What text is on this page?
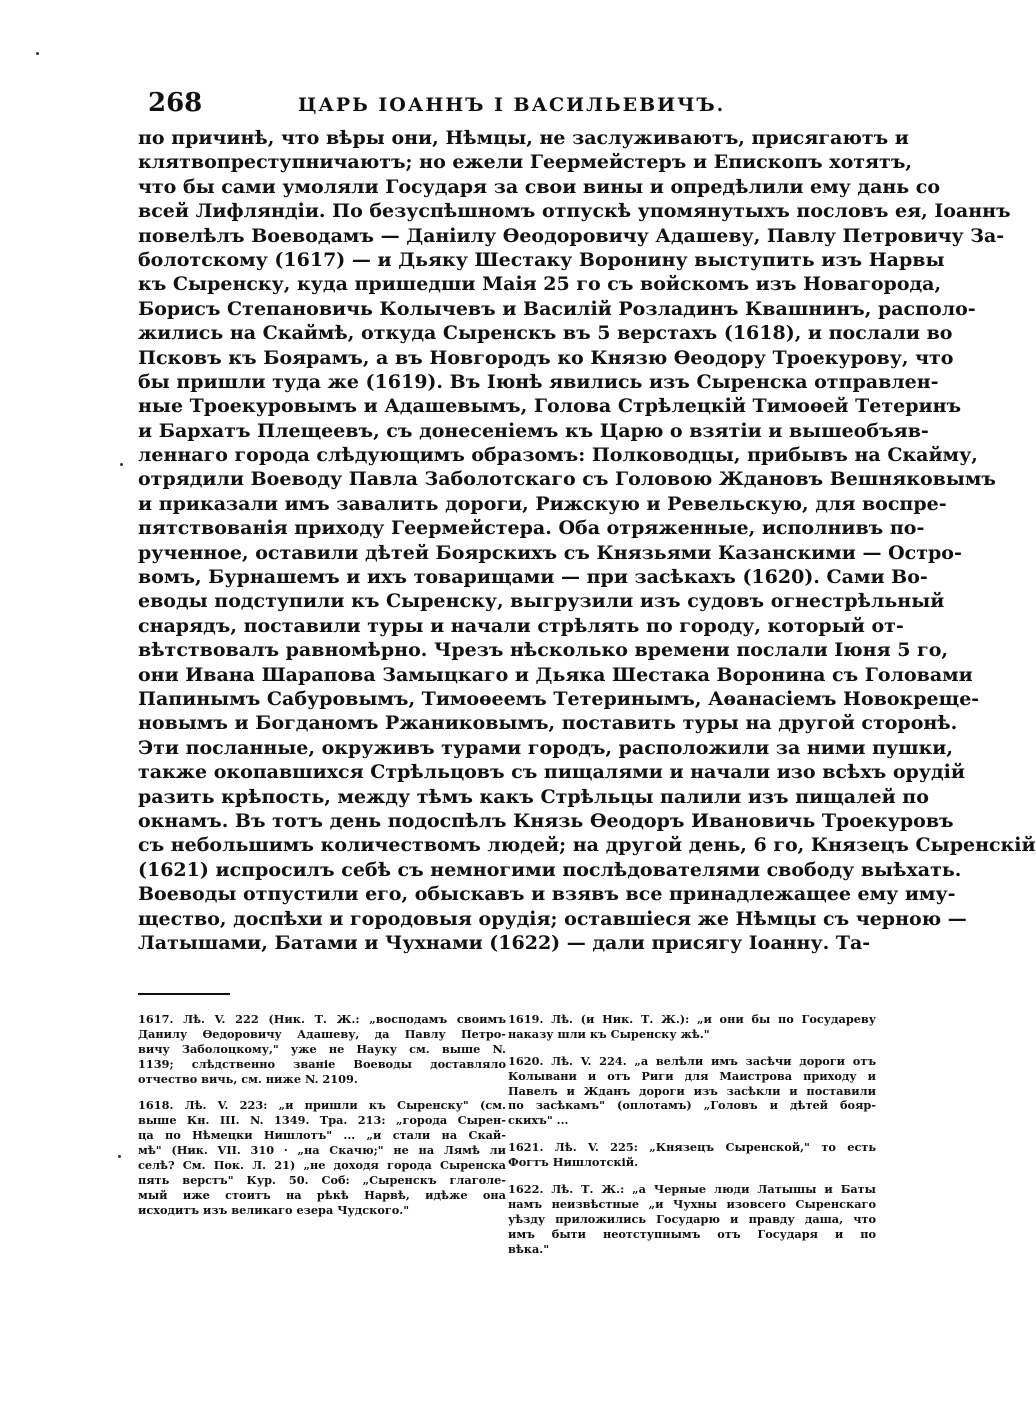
268	ЦАРЬ ІОАННЪ І ВАСИЛЬЕВИЧЪ.
по причинѣ, что вѣры они, Нѣмцы, не заслуживаютъ, присягаютъ и
клятвопреступничаютъ; но ежели Геермейстеръ и Епископъ хотятъ,
что бы сами умоляли Государя за свои вины и опредѣлили ему дань со
всей Лифляндіи. По безуспѣшномъ отпускѣ упомянутыхъ пословъ ея, Іоаннъ
повелѣлъ Воеводамъ — Даніилу Ѳеодоровичу Адашеву, Павлу Петровичу За-
болотскому (1617) — и Дьяку Шестаку Воронину выступить изъ Нарвы
къ Сыренску, куда пришедши Маія 25 го съ войскомъ изъ Новагорода,
Борисъ Степановичь Колычевъ и Василій Розладинъ Квашнинъ, располо-
жились на Скаймѣ, откуда Сыренскъ въ 5 верстахъ (1618), и послали во
Псковъ къ Боярамъ, а въ Новгородъ ко Князю Ѳеодору Троекурову, что
бы пришли туда же (1619). Въ Іюнѣ явились изъ Сыренска отправлен-
ные Троекуровымъ и Адашевымъ, Голова Стрѣлецкій Тимоѳей Тетеринъ
и Бархатъ Плещеевъ, съ донесеніемъ къ Царю о взятіи и вышеобъяв-
леннаго города слѣдующимъ образомъ: Полководцы, прибывъ на Скайму,
отрядили Воеводу Павла Заболотскаго съ Головою Ждановъ Вешняковымъ
и приказали имъ завалить дороги, Рижскую и Ревельскую, для воспре-
пятствованія приходу Геермейстера. Оба отряженные, исполнивъ по-
рученное, оставили дѣтей Боярскихъ съ Князьями Казанскими — Остро-
вомъ, Бурнашемъ и ихъ товарищами — при засѣкахъ (1620). Сами Во-
еводы подступили къ Сыренску, выгрузили изъ судовъ огнестрѣльный
снарядъ, поставили туры и начали стрѣлять по городу, который от-
вѣтствовалъ равномѣрно. Чрезъ нѣсколько времени послали Іюня 5 го,
они Ивана Шарапова Замыцкаго и Дьяка Шестака Воронина съ Головами
Папинымъ Сабуровымъ, Тимоѳеемъ Тетеринымъ, Аѳанасіемъ Новокреще-
новымъ и Богданомъ Ржаниковымъ, поставить туры на другой сторонѣ.
Эти посланные, окруживъ турами городъ, расположили за ними пушки,
также окопавшихся Стрѣльцовъ съ пищалями и начали изо всѣхъ орудій
разить крѣпость, между тѣмъ какъ Стрѣльцы палили изъ пищалей по
окнамъ. Въ тотъ день подоспѣлъ Князь Ѳеодоръ Ивановичь Троекуровъ
съ небольшимъ количествомъ людей; на другой день, 6 го, Князецъ Сыренскій
(1621) испросилъ себѣ съ немногими послѣдователями свободу выѣхать.
Воеводы отпустили его, обыскавъ и взявъ все принадлежащее ему иму-
щество, доспѣхи и городовыя орудія; оставшіеся же Нѣмцы съ черною —
Латышами, Батами и Чухнами (1622) — дали присягу Іоанну. Та-
1617. Лѣ. V. 222 (Ник. Т. Ж.: „восподамъ своимъ
Данилу Ѳедоровичу Адашеву, да Павлу Петро-
вичу Заболоцкому," уже не Науку см. выше N.
1139; слѣдственно званіе Воеводы доставляло
отчество вичь, см. ниже N. 2109.
1618. Лѣ. V. 223: „и пришли къ Сыренску" (см.
выше Кн. III. N. 1349. Тра. 213: „города Сырен-
ца по Нѣмецки Нишлотъ" ... „и стали на Скай-
мѣ" (Ник. VII. 310 · „на Скачю;" не на Лямѣ ли
селѣ? См. Пок. Л. 21) „не доходя города Сыренска
пять верстъ" Кур. 50. Соб: „Сыренскъ глаголе-
мый иже стоитъ на рѣкѣ Нарвѣ, идѣже она
исходитъ изъ великаго езера Чудского."
1619. Лѣ. (и Ник. Т. Ж.): „и они бы по Государеву
наказу шли къ Сыренску жѣ."
1620. Лѣ. V. 224. „а велѣли имъ засѣчи дороги отъ
Колывани и отъ Риги для Маистрова приходу и
Павелъ и Жданъ дороги изъ засѣкли и поставили
по засѣкамъ" (оплотамъ) „Головъ и дѣтей бояр-
скихъ" ...
1621. Лѣ. V. 225: „Князецъ Сыренской," то есть
Фогтъ Нишлотскій.
1622. Лѣ. Т. Ж.: „а Черные люди Латышы и Баты
намъ неизвѣстные „и Чухны изовсего Сыренскаго
уѣзду приложились Государю и правду даша, что
имъ быти неотступнымъ отъ Государя и по
вѣка."
